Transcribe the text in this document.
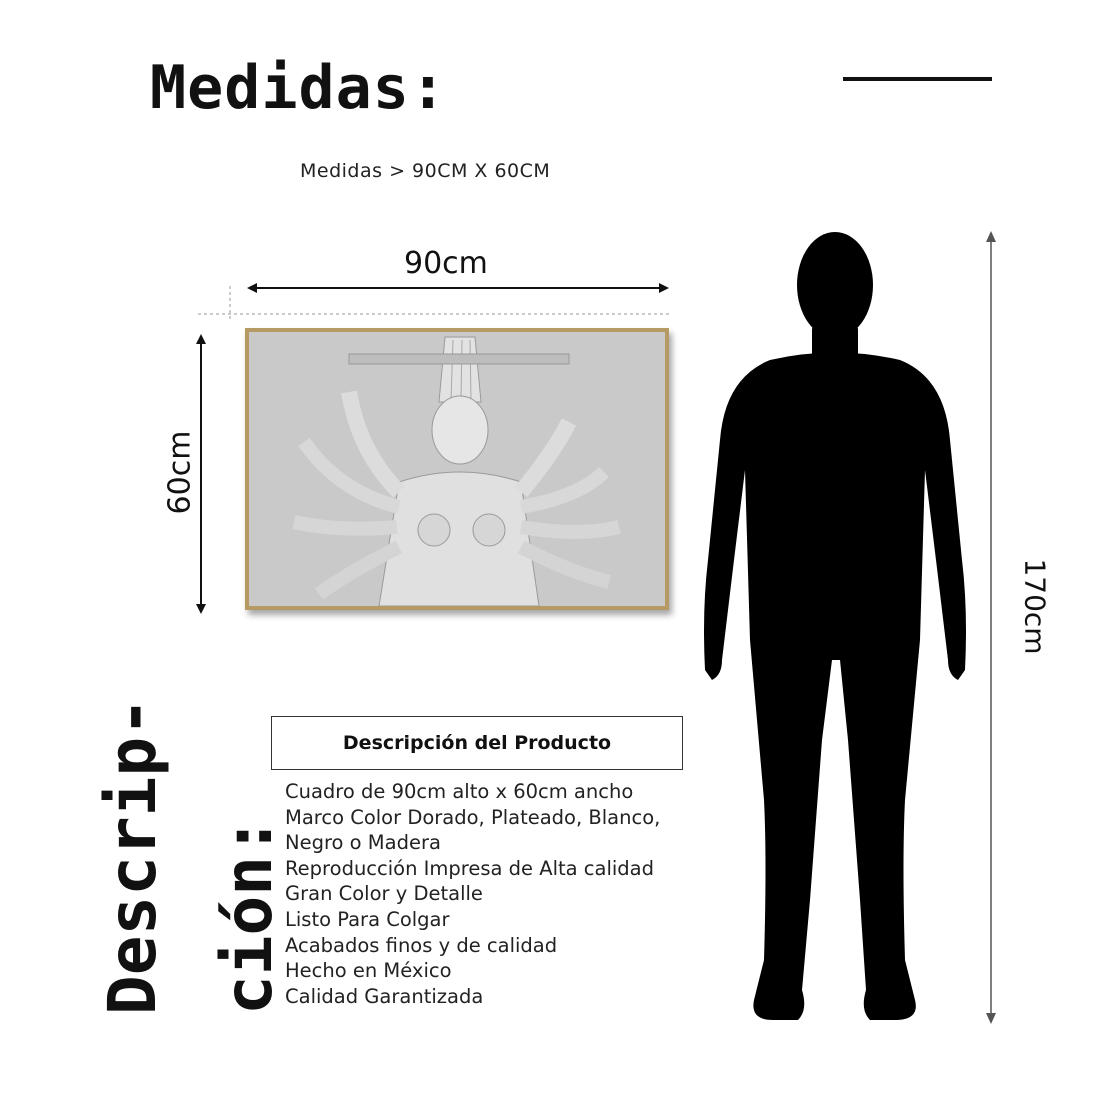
Medidas:
Medidas > 90CM X 60CM
90cm
60cm
170cm
Descrip- ción:
Descripción del Producto
Cuadro de 90cm alto x 60cm ancho
Marco Color Dorado, Plateado, Blanco,
Negro o Madera
Reproducción Impresa de Alta calidad
Gran Color y Detalle
Listo Para Colgar
Acabados finos y de calidad
Hecho en México
Calidad Garantizada
